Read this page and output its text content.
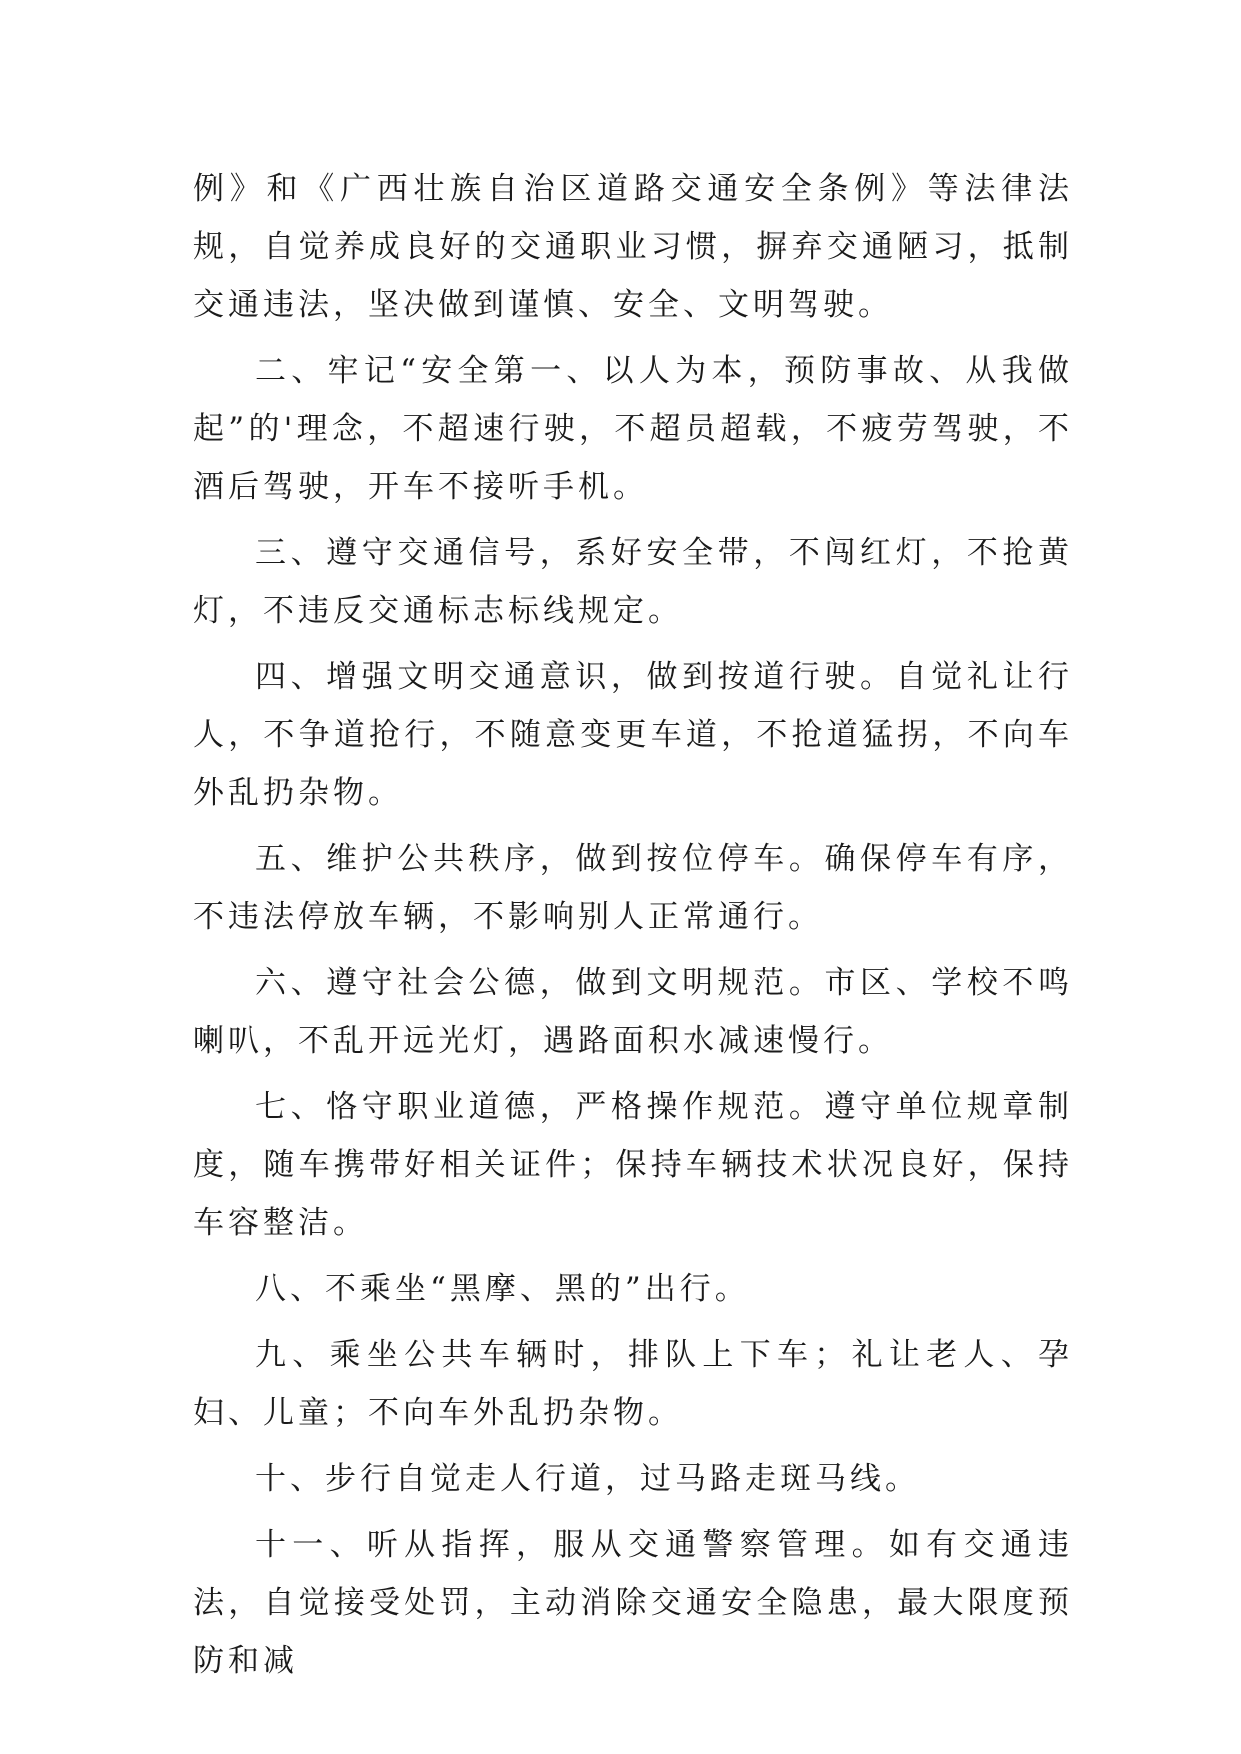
例》和《广西壮族自治区道路交通安全条例》等法律法规，自觉养成良好的交通职业习惯，摒弃交通陋习，抵制交通违法，坚决做到谨慎、安全、文明驾驶。

二、牢记“安全第一、以人为本，预防事故、从我做起”的'理念，不超速行驶，不超员超载，不疲劳驾驶，不酒后驾驶，开车不接听手机。

三、遵守交通信号，系好安全带，不闯红灯，不抢黄灯，不违反交通标志标线规定。

四、增强文明交通意识，做到按道行驶。自觉礼让行人，不争道抢行，不随意变更车道，不抢道猛拐，不向车外乱扔杂物。

五、维护公共秩序，做到按位停车。确保停车有序，不违法停放车辆，不影响别人正常通行。

六、遵守社会公德，做到文明规范。市区、学校不鸣喇叭，不乱开远光灯，遇路面积水减速慢行。

七、恪守职业道德，严格操作规范。遵守单位规章制度，随车携带好相关证件；保持车辆技术状况良好，保持车容整洁。

八、不乘坐“黑摩、黑的”出行。

九、乘坐公共车辆时，排队上下车；礼让老人、孕妇、儿童；不向车外乱扔杂物。

十、步行自觉走人行道，过马路走斑马线。

十一、听从指挥，服从交通警察管理。如有交通违法，自觉接受处罚，主动消除交通安全隐患，最大限度预防和减
